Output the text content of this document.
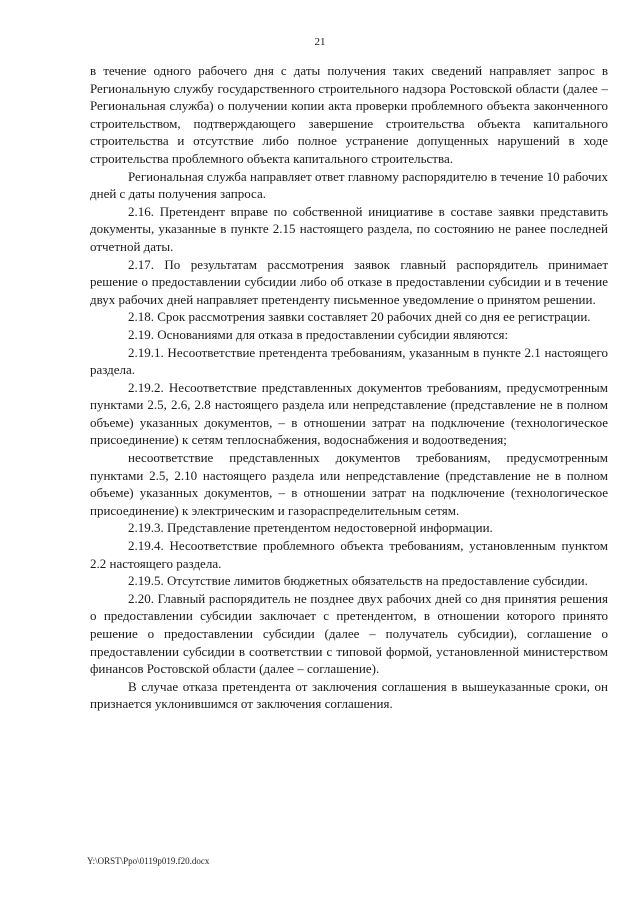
21

в течение одного рабочего дня с даты получения таких сведений направляет запрос в Региональную службу государственного строительного надзора Ростовской области (далее – Региональная служба) о получении копии акта проверки проблемного объекта законченного строительством, подтверждающего завершение строительства объекта капитального строительства и отсутствие либо полное устранение допущенных нарушений в ходе строительства проблемного объекта капитального строительства.

Региональная служба направляет ответ главному распорядителю в течение 10 рабочих дней с даты получения запроса.

2.16. Претендент вправе по собственной инициативе в составе заявки представить документы, указанные в пункте 2.15 настоящего раздела, по состоянию не ранее последней отчетной даты.

2.17. По результатам рассмотрения заявок главный распорядитель принимает решение о предоставлении субсидии либо об отказе в предоставлении субсидии и в течение двух рабочих дней направляет претенденту письменное уведомление о принятом решении.

2.18. Срок рассмотрения заявки составляет 20 рабочих дней со дня ее регистрации.

2.19. Основаниями для отказа в предоставлении субсидии являются:

2.19.1. Несоответствие претендента требованиям, указанным в пункте 2.1 настоящего раздела.

2.19.2. Несоответствие представленных документов требованиям, предусмотренным пунктами 2.5, 2.6, 2.8 настоящего раздела или непредставление (представление не в полном объеме) указанных документов, – в отношении затрат на подключение (технологическое присоединение) к сетям теплоснабжения, водоснабжения и водоотведения;

несоответствие представленных документов требованиям, предусмотренным пунктами 2.5, 2.10 настоящего раздела или непредставление (представление не в полном объеме) указанных документов, – в отношении затрат на подключение (технологическое присоединение) к электрическим и газораспределительным сетям.

2.19.3. Представление претендентом недостоверной информации.

2.19.4. Несоответствие проблемного объекта требованиям, установленным пунктом 2.2 настоящего раздела.

2.19.5. Отсутствие лимитов бюджетных обязательств на предоставление субсидии.

2.20. Главный распорядитель не позднее двух рабочих дней со дня принятия решения о предоставлении субсидии заключает с претендентом, в отношении которого принято решение о предоставлении субсидии (далее – получатель субсидии), соглашение о предоставлении субсидии в соответствии с типовой формой, установленной министерством финансов Ростовской области (далее – соглашение).

В случае отказа претендента от заключения соглашения в вышеуказанные сроки, он признается уклонившимся от заключения соглашения.

Y:\ORST\Ppo\0119p019.f20.docx
